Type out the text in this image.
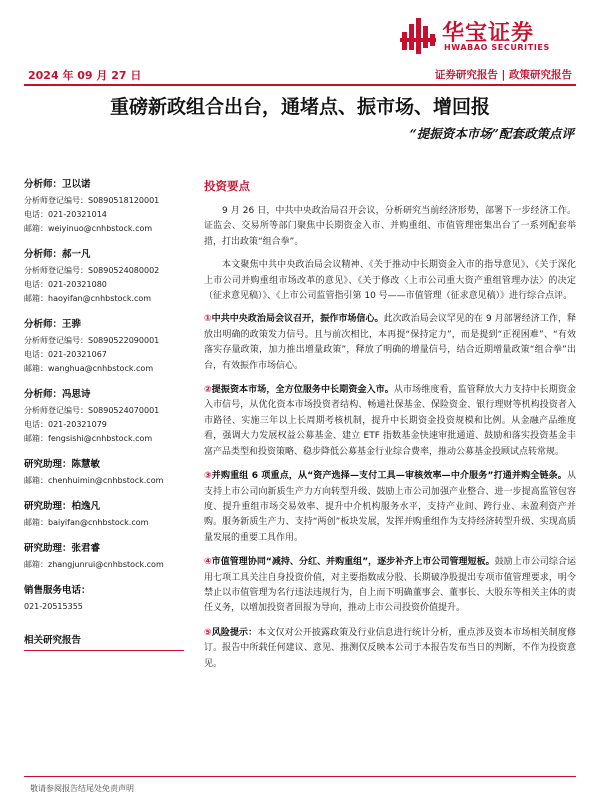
华宝证券
HWABAO SECURITIES
2024 年 09 月 27 日	证券研究报告 | 政策研究报告
重磅新政组合出台，通堵点、振市场、增回报
“提振资本市场”配套政策点评
分析师：卫以诺
分析师登记编号：S0890518120001
电话：021-20321014
邮箱：weiyinuo@cnhbstock.com
分析师：郝一凡
分析师登记编号：S0890524080002
电话：021-20321080
邮箱：haoyifan@cnhbstock.com
分析师：王骅
分析师登记编号：S0890522090001
电话：021-20321067
邮箱：wanghua@cnhbstock.com
分析师：冯思诗
分析师登记编号：S0890524070001
电话：021-20321079
邮箱：fengsishi@cnhbstock.com
研究助理：陈慧敏
邮箱：chenhuimin@cnhbstock.com
研究助理：柏逸凡
邮箱：baiyifan@cnhbstock.com
研究助理：张君睿
邮箱：zhangjunrui@cnhbstock.com
销售服务电话：
021-20515355
相关研究报告
投资要点

9 月 26 日，中共中央政治局召开会议，分析研究当前经济形势，部署下一步经济工作。证监会、交易所等部门聚焦中长期资金入市、并购重组、市值管理密集出台了一系列配套举措，打出政策“组合拳”。

本文聚焦中共中央政治局会议精神、《关于推动中长期资金入市的指导意见》、《关于深化上市公司并购重组市场改革的意见》、《关于修改〈上市公司重大资产重组管理办法〉的决定（征求意见稿）》、《上市公司监管指引第 10 号——市值管理（征求意见稿）》进行综合点评。

①中共中央政治局会议召开，振作市场信心。此次政治局会议罕见的在 9 月部署经济工作，释放出明确的政策发力信号。且与前次相比，本再提“保持定力”，而是提到“正视困难”、“有效落实存量政策，加力推出增量政策”，释放了明确的增量信号，结合近期增量政策“组合拳”出台，有效振作市场信心。

②提振资本市场，全方位服务中长期资金入市。从市场维度看，监管释放大力支持中长期资金入市信号，从优化资本市场投资者结构、畅通社保基金、保险资金、银行理财等机构投资者入市路径、实施三年以上长周期考核机制，提升中长期资金投资规模和比例。从金融产品维度看，强调大力发展权益公募基金、建立 ETF 指数基金快速审批通道、鼓励和落实投资基金丰富产品类型和投资策略、稳步降低公募基金行业综合费率，推动公募基金投顾试点转常规。

③并购重组 6 项重点，从“资产选择—支付工具—审核效率—中介服务”打通并购全链条。从支持上市公司向新质生产力方向转型升级、鼓励上市公司加强产业整合、进一步提高监管包容度、提升重组市场交易效率、提升中介机构服务水平，支持产业间、跨行业、未盈利资产并购。服务新质生产力、支持“两创”板块发展，发挥并购重组作为支持经济转型升级、实现高质量发展的重要工具作用。

④市值管理协同“减持、分红、并购重组”，逐步补齐上市公司管理短板。鼓励上市公司综合运用七项工具关注自身投资价值，对主要指数成分股、长期破净股提出专项市值管理要求，明令禁止以市值管理为名行违法违规行为，自上而下明确董事会、董事长、大股东等相关主体的责任义务，以增加投资者回报为导向，推动上市公司投资价值提升。

⑤风险提示：本文仅对公开披露政策及行业信息进行统计分析，重点涉及资本市场相关制度修订。报告中所载任何建议、意见、推测仅反映本公司于本报告发布当日的判断，不作为投资意见。

敬请参阅报告结尾处免责声明
